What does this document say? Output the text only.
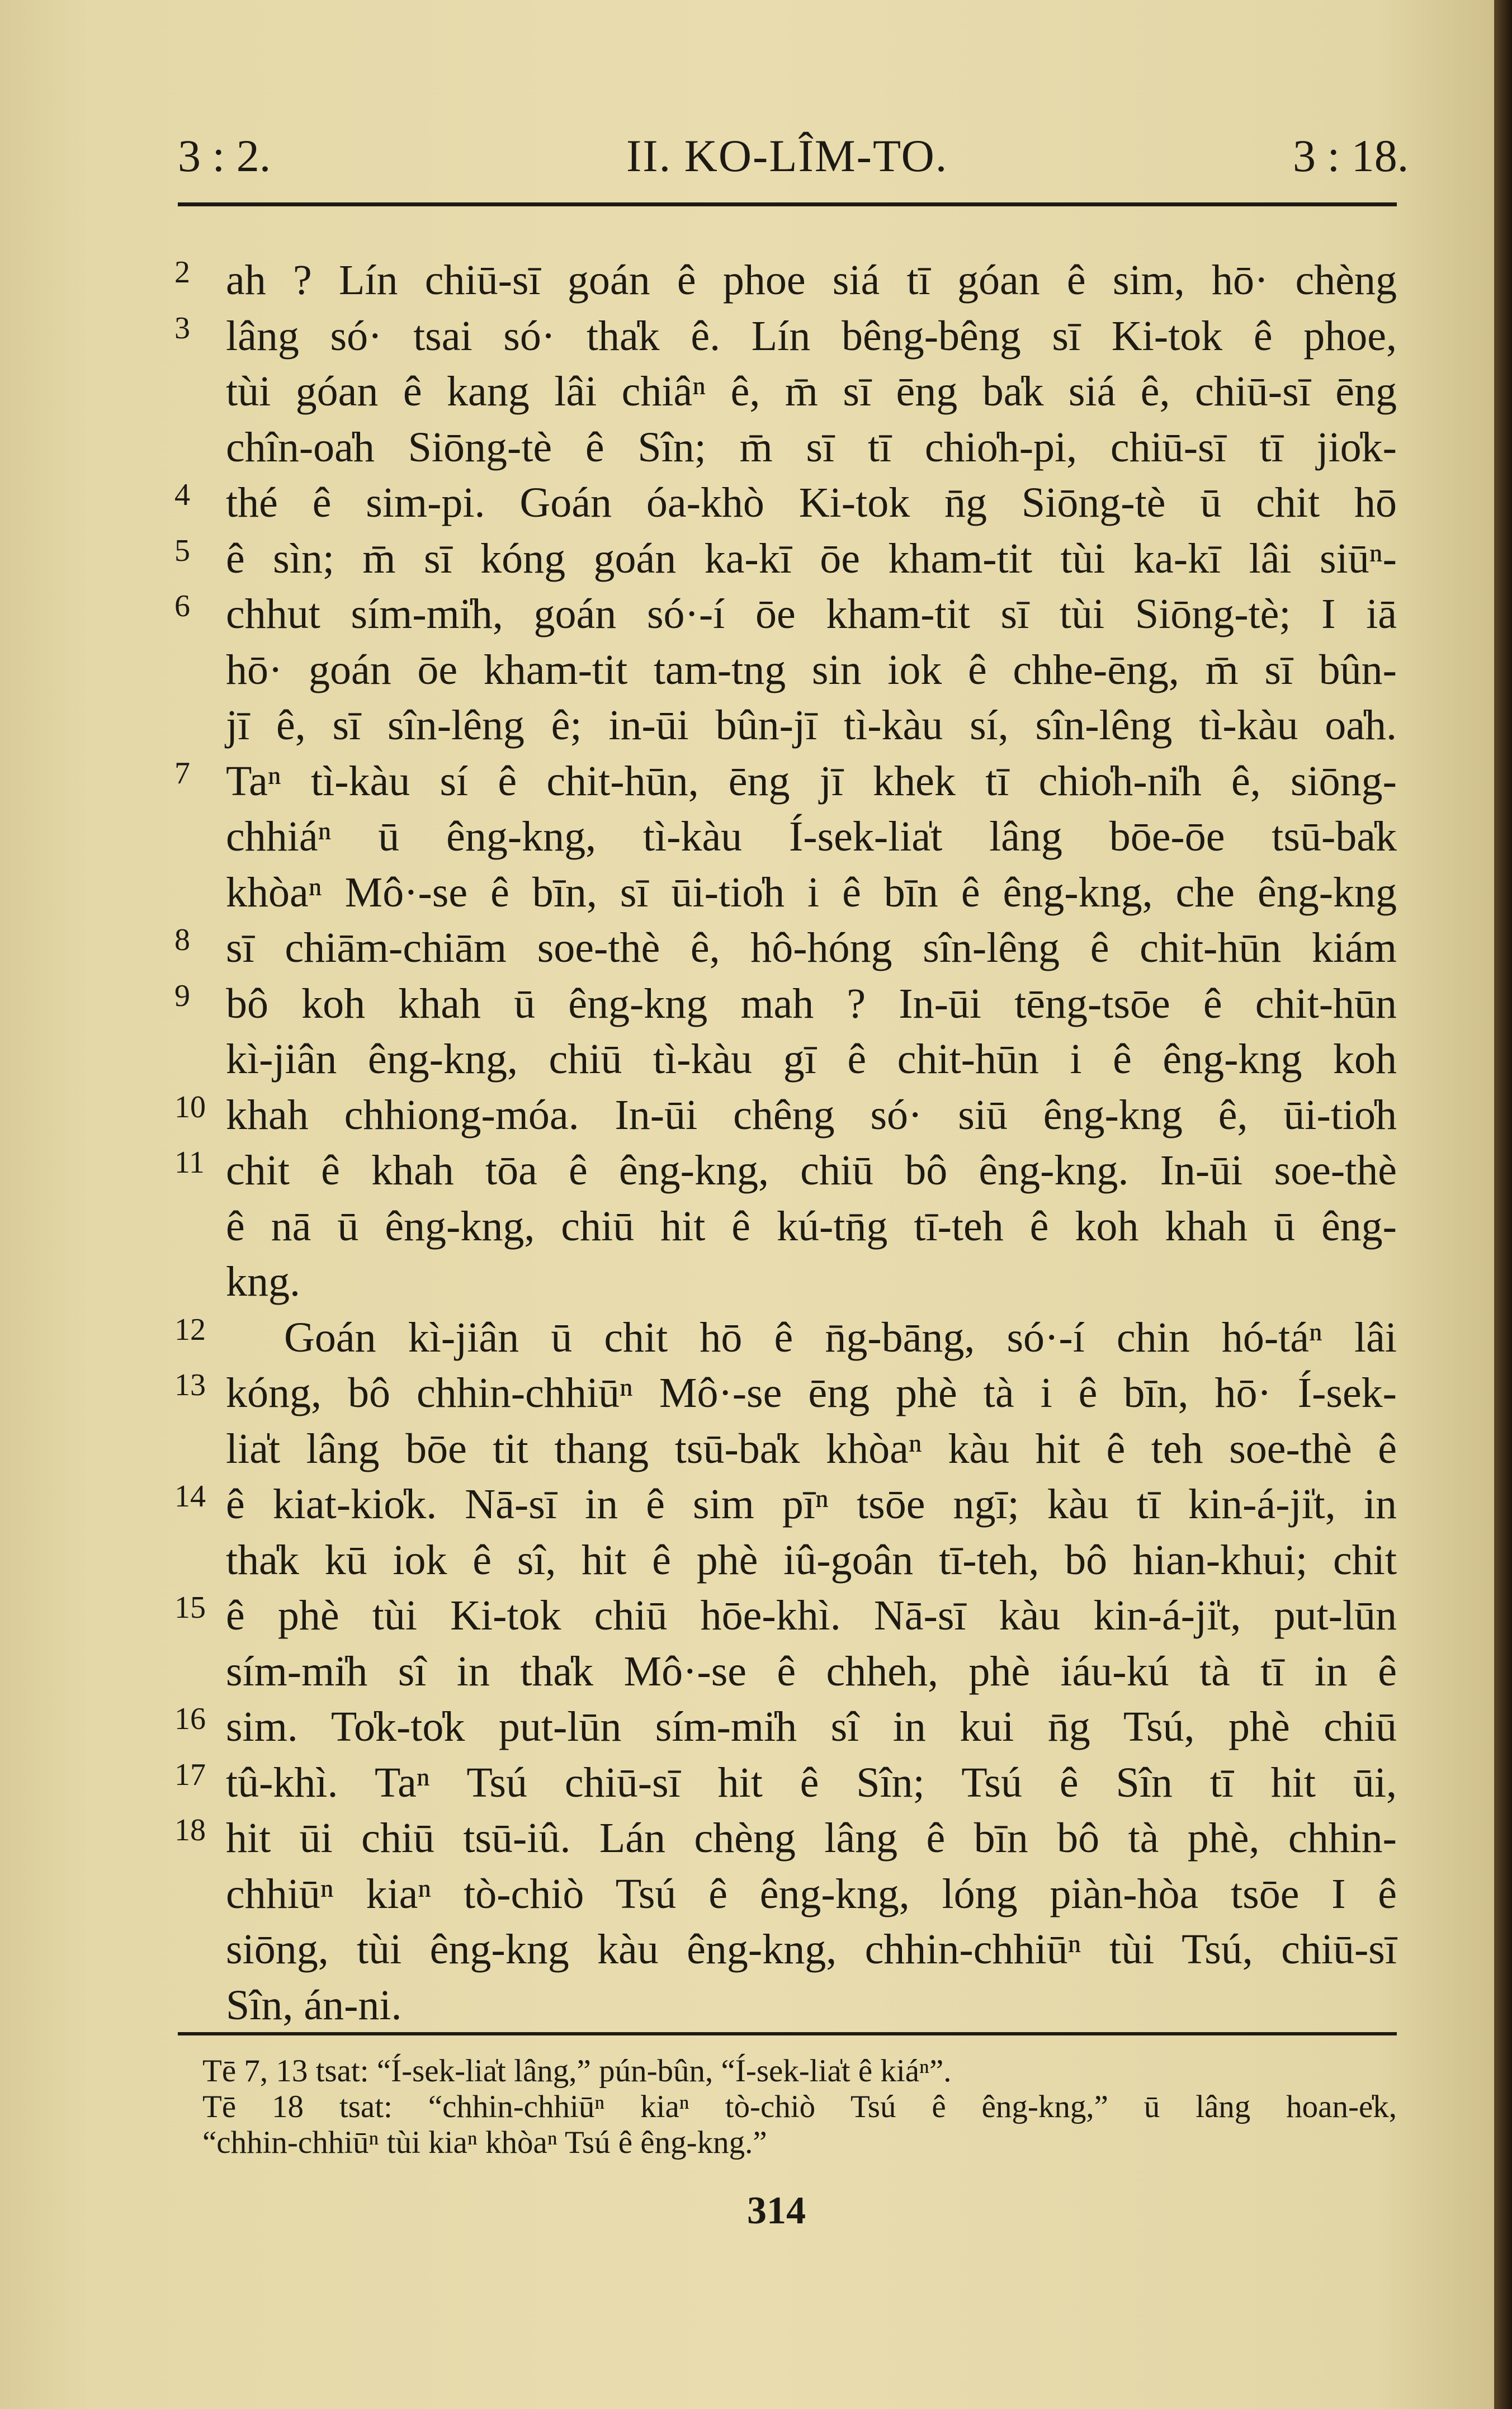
3 : 2.	II. KO-LÎM-TO.	3 : 18.
2 ah ? Lín chiū-sī goán ê phoe siá tī góan ê sim, hō· chèng
3 lâng só· tsai só· tha̍k ê. Lín bêng-bêng sī Ki-tok ê phoe,
tùi góan ê kang lâi chiâⁿ ê, m̄ sī ēng ba̍k siá ê, chiū-sī ēng
chîn-oa̍h Siōng-tè ê Sîn; m̄ sī tī chio̍h-pi, chiū-sī tī jio̍k-
4 thé ê sim-pi. Goán óa-khò Ki-tok n̄g Siōng-tè ū chit hō
5 ê sìn; m̄ sī kóng goán ka-kī ōe kham-tit tùi ka-kī lâi siūⁿ-
6 chhut sím-mi̍h, goán só·-í ōe kham-tit sī tùi Siōng-tè; I iā
hō· goán ōe kham-tit tam-tng sin iok ê chhe-ēng, m̄ sī bûn-
jī ê, sī sîn-lêng ê; in-ūi bûn-jī tì-kàu sí, sîn-lêng tì-kàu oa̍h.
7 Taⁿ tì-kàu sí ê chit-hūn, ēng jī khek tī chio̍h-ni̍h ê, siōng-
chhiáⁿ ū êng-kng, tì-kàu Í-sek-lia̍t lâng bōe-ōe tsū-ba̍k
khòaⁿ Mô·-se ê bīn, sī ūi-tio̍h i ê bīn ê êng-kng, che êng-kng
8 sī chiām-chiām soe-thè ê, hô-hóng sîn-lêng ê chit-hūn kiám
9 bô koh khah ū êng-kng mah ? In-ūi tēng-tsōe ê chit-hūn
kì-jiân êng-kng, chiū tì-kàu gī ê chit-hūn i ê êng-kng koh
10 khah chhiong-móa. In-ūi chêng só· siū êng-kng ê, ūi-tio̍h
11 chit ê khah tōa ê êng-kng, chiū bô êng-kng. In-ūi soe-thè
ê nā ū êng-kng, chiū hit ê kú-tn̄g tī-teh ê koh khah ū êng-
kng.
12	Goán kì-jiân ū chit hō ê n̄g-bāng, só·-í chin hó-táⁿ lâi
13 kóng, bô chhin-chhiūⁿ Mô·-se ēng phè tà i ê bīn, hō· Í-sek-
lia̍t lâng bōe tit thang tsū-ba̍k khòaⁿ kàu hit ê teh soe-thè ê
14 ê kiat-kio̍k. Nā-sī in ê sim pīⁿ tsōe ngī; kàu tī kin-á-ji̍t, in
tha̍k kū iok ê sî, hit ê phè iû-goân tī-teh, bô hian-khui; chit
15 ê phè tùi Ki-tok chiū hōe-khì. Nā-sī kàu kin-á-ji̍t, put-lūn
sím-mi̍h sî in tha̍k Mô·-se ê chheh, phè iáu-kú tà tī in ê
16 sim. To̍k-to̍k put-lūn sím-mi̍h sî in kui n̄g Tsú, phè chiū
17 tû-khì. Taⁿ Tsú chiū-sī hit ê Sîn; Tsú ê Sîn tī hit ūi,
18 hit ūi chiū tsū-iû. Lán chèng lâng ê bīn bô tà phè, chhin-
chhiūⁿ kiaⁿ tò-chiò Tsú ê êng-kng, lóng piàn-hòa tsōe I ê
siōng, tùi êng-kng kàu êng-kng, chhin-chhiūⁿ tùi Tsú, chiū-sī
Sîn, án-ni.
Tē 7, 13 tsat: “Í-sek-lia̍t lâng,” pún-bûn, “Í-sek-lia̍t ê kiáⁿ”.
Tē 18 tsat: “chhin-chhiūⁿ kiaⁿ tò-chiò Tsú ê êng-kng,” ū lâng hoan-e̍k,
“chhin-chhiūⁿ tùi kiaⁿ khòaⁿ Tsú ê êng-kng.”
314
